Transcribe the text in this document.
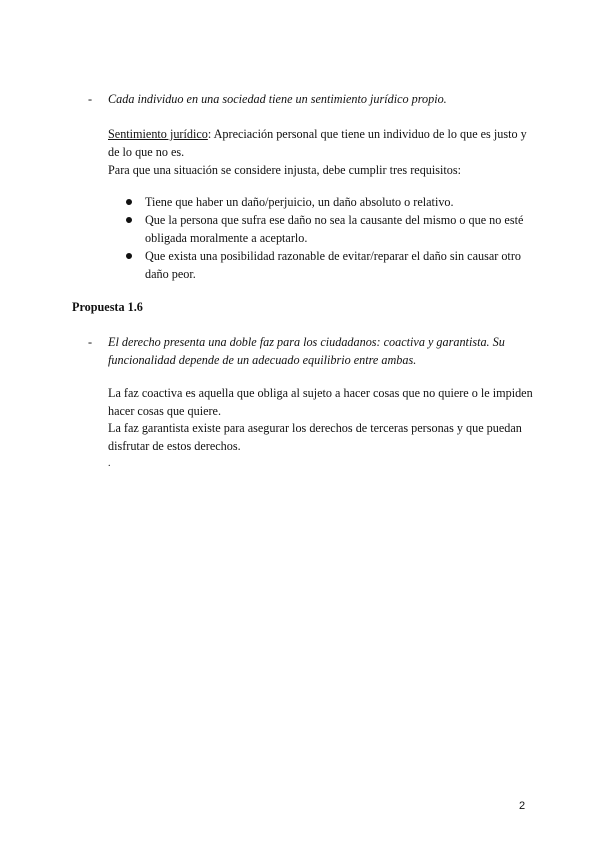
-	Cada individuo en una sociedad tiene un sentimiento jurídico propio.
Sentimiento jurídico: Apreciación personal que tiene un individuo de lo que es justo y de lo que no es.
Para que una situación se considere injusta, debe cumplir tres requisitos:
Tiene que haber un daño/perjuicio, un daño absoluto o relativo.
Que la persona que sufra ese daño no sea la causante del mismo o que no esté obligada moralmente a aceptarlo.
Que exista una posibilidad razonable de evitar/reparar el daño sin causar otro daño peor.
Propuesta 1.6
-	El derecho presenta una doble faz para los ciudadanos: coactiva y garantista. Su funcionalidad depende de un adecuado equilibrio entre ambas.
La faz coactiva es aquella que obliga al sujeto a hacer cosas que no quiere o le impiden hacer cosas que quiere.
La faz garantista existe para asegurar los derechos de terceras personas y que puedan disfrutar de estos derechos.
.
2
